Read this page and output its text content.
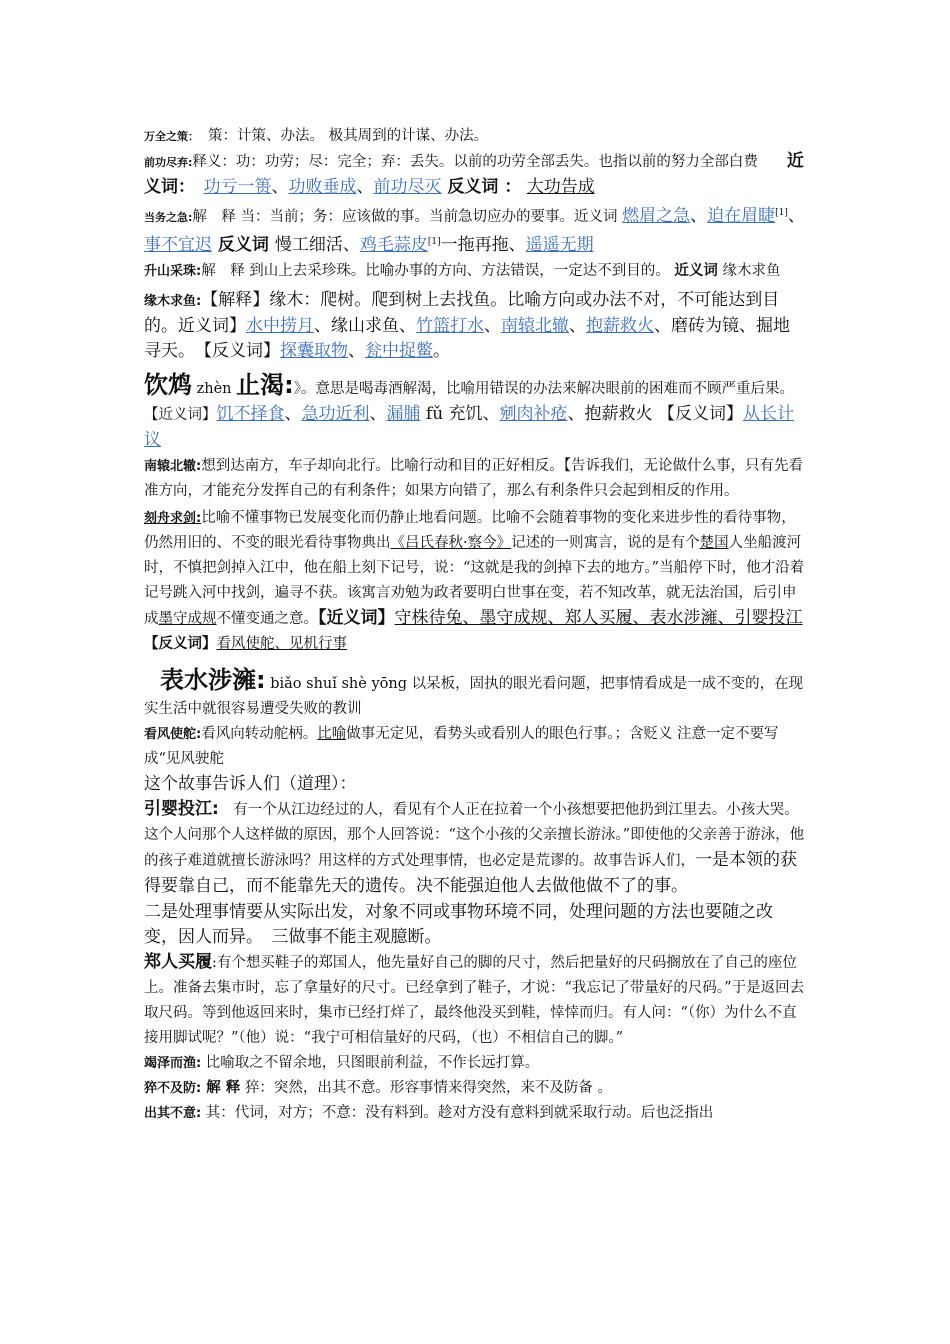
万全之策：　策：计策、办法。 极其周到的计谋、办法。

前功尽弃:释义：功：功劳；尽：完全；弃：丢失。以前的功劳全部丢失。也指以前的努力全部白费　　近义词：　 功亏一篑、功败垂成、前功尽灭 反义词 ： 大功告成

当务之急:解　释 当：当前；务：应该做的事。当前急切应办的要事。近义词 燃眉之急、迫在眉睫[1]、事不宜迟 反义词 慢工细活、鸡毛蒜皮[1]一拖再拖、遥遥无期

升山采珠:解　释 到山上去采珍珠。比喻办事的方向、方法错误，一定达不到目的。 近义词 缘木求鱼

缘木求鱼:【解释】缘木：爬树。爬到树上去找鱼。比喻方向或办法不对，不可能达到目的。近义词】水中捞月、缘山求鱼、竹篮打水、南辕北辙、抱薪救火、磨砖为镜、掘地寻天。　【反义词】探囊取物、瓮中捉鳖。

饮鸩 zhèn 止渴:》。意思是喝毒酒解渴，比喻用错误的办法来解决眼前的困难而不顾严重后果。【近义词】饥不择食、急功近利、漏脯 fǔ 充饥、剜肉补疮、抱薪救火 【反义词】从长计议

南辕北辙:想到达南方，车子却向北行。比喻行动和目的正好相反。【告诉我们，无论做什么事，只有先看准方向，才能充分发挥自己的有利条件；如果方向错了，那么有利条件只会起到相反的作用。

刻舟求剑:比喻不懂事物已发展变化而仍静止地看问题。比喻不会随着事物的变化来进步性的看待事物，仍然用旧的、不变的眼光看待事物典出《吕氏春秋·察今》记述的一则寓言，说的是有个楚国人坐船渡河时，不慎把剑掉入江中，他在船上刻下记号，说：“这就是我的剑掉下去的地方。”当船停下时，他才沿着记号跳入河中找剑，遍寻不获。该寓言劝勉为政者要明白世事在变，若不知改革，就无法治国，后引申成墨守成规不懂变通之意。【近义词】守株待兔、墨守成规、郑人买履、表水涉澭、引婴投江 【反义词】看风使舵、见机行事

表水涉澭: biǎo shuǐ shè yōng 以呆板，固执的眼光看问题，把事情看成是一成不变的，在现实生活中就很容易遭受失败的教训

看风使舵:看风向转动舵柄。比喻做事无定见，看势头或看别人的眼色行事。；含贬义 注意一定不要写成“见风驶舵

这个故事告诉人们（道理）：

引婴投江:　有一个从江边经过的人，看见有个人正在拉着一个小孩想要把他扔到江里去。小孩大哭。这个人问那个人这样做的原因，那个人回答说：“这个小孩的父亲擅长游泳。”即使他的父亲善于游泳，他的孩子难道就擅长游泳吗？用这样的方式处理事情，也必定是荒谬的。故事告诉人们，一是本领的获得要靠自己，而不能靠先天的遗传。决不能强迫他人去做他做不了的事。

二是处理事情要从实际出发，对象不同或事物环境不同，处理问题的方法也要随之改变，因人而异。　三做事不能主观臆断。

郑人买履:有个想买鞋子的郑国人，他先量好自己的脚的尺寸，然后把量好的尺码搁放在了自己的座位上。准备去集市时，忘了拿量好的尺寸。已经拿到了鞋子，才说：“我忘记了带量好的尺码。”于是返回去取尺码。等到他返回来时，集市已经打烊了，最终他没买到鞋，悻悻而归。有人问：“（你）为什么不直接用脚试呢？”（他）说：“我宁可相信量好的尺码，（也）不相信自己的脚。”

竭泽而渔: 比喻取之不留余地，只图眼前利益，不作长远打算。

猝不及防: 解 释 猝：突然，出其不意。形容事情来得突然，来不及防备 。

出其不意: 其：代词，对方；不意：没有料到。趁对方没有意料到就采取行动。后也泛指出
